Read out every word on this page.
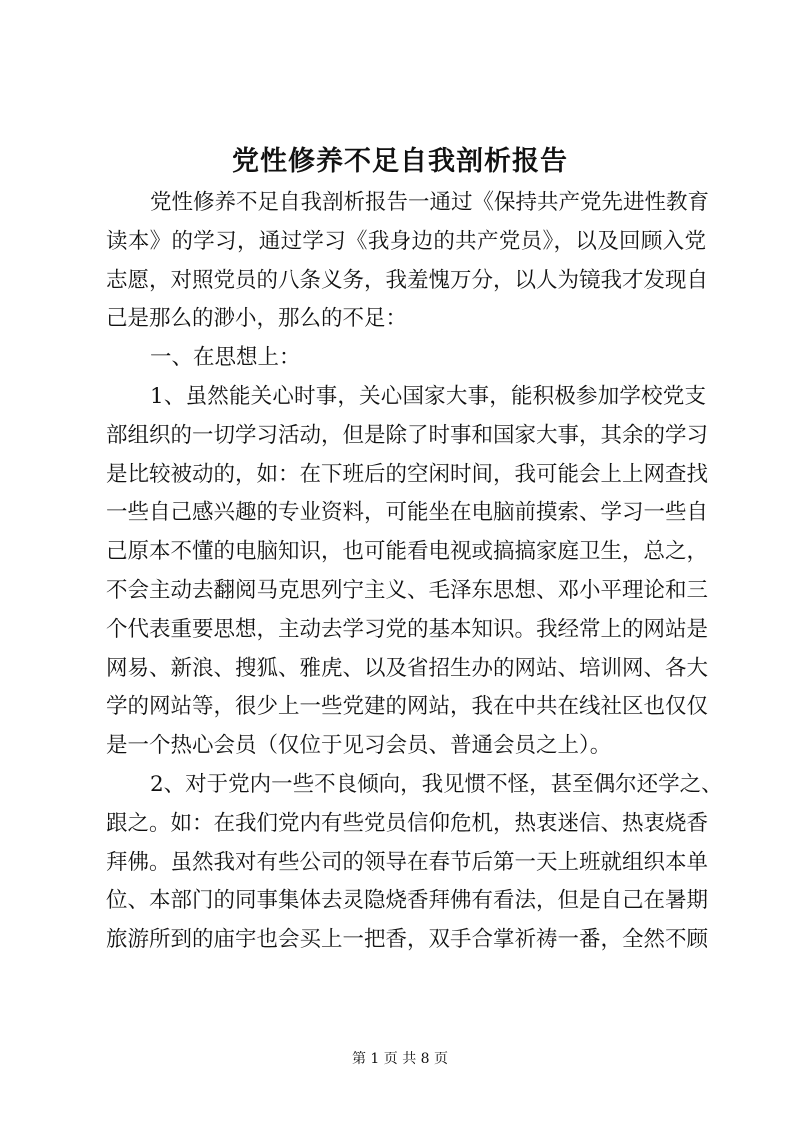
党性修养不足自我剖析报告
党性修养不足自我剖析报告一通过《保持共产党先进性教育
读本》的学习，通过学习《我身边的共产党员》，以及回顾入党
志愿，对照党员的八条义务，我羞愧万分，以人为镜我才发现自
己是那么的渺小，那么的不足：
一、在思想上：
1、虽然能关心时事，关心国家大事，能积极参加学校党支
部组织的一切学习活动，但是除了时事和国家大事，其余的学习
是比较被动的，如：在下班后的空闲时间，我可能会上上网查找
一些自己感兴趣的专业资料，可能坐在电脑前摸索、学习一些自
己原本不懂的电脑知识，也可能看电视或搞搞家庭卫生，总之，
不会主动去翻阅马克思列宁主义、毛泽东思想、邓小平理论和三
个代表重要思想，主动去学习党的基本知识。我经常上的网站是
网易、新浪、搜狐、雅虎、以及省招生办的网站、培训网、各大
学的网站等，很少上一些党建的网站，我在中共在线社区也仅仅
是一个热心会员（仅位于见习会员、普通会员之上）。
2、对于党内一些不良倾向，我见惯不怪，甚至偶尔还学之、
跟之。如：在我们党内有些党员信仰危机，热衷迷信、热衷烧香
拜佛。虽然我对有些公司的领导在春节后第一天上班就组织本单
位、本部门的同事集体去灵隐烧香拜佛有看法，但是自己在暑期
旅游所到的庙宇也会买上一把香，双手合掌祈祷一番，全然不顾
第 1 页 共 8 页
